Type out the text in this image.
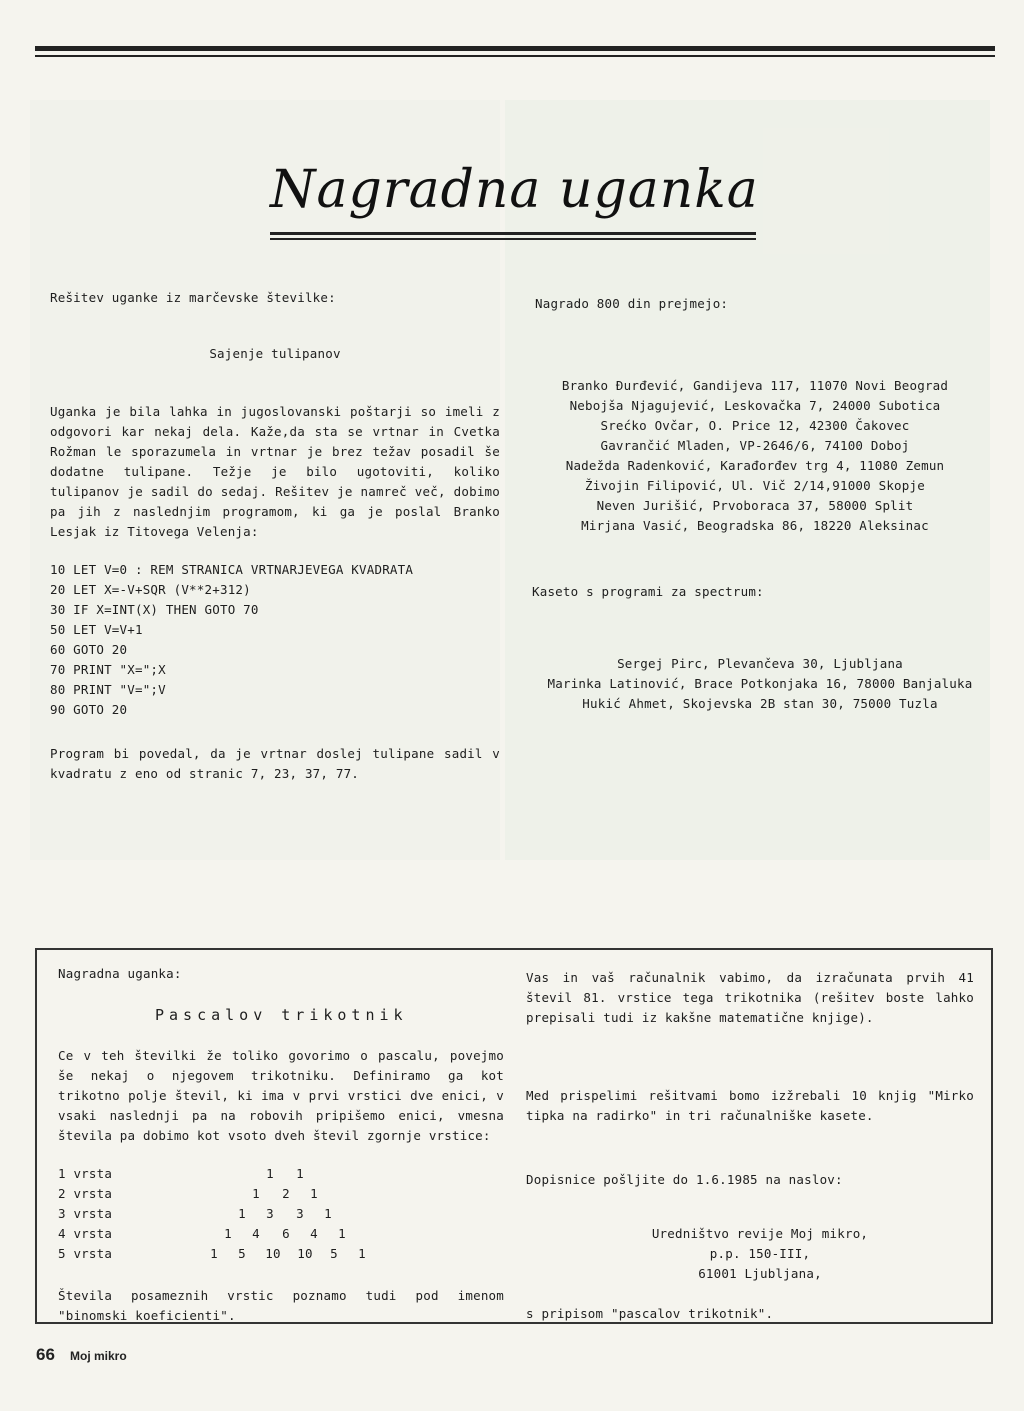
Nagradna uganka
Rešitev uganke iz marčevske številke:
Sajenje tulipanov
Uganka je bila lahka in jugoslovanski poštarji so imeli z odgovori kar nekaj dela. Kaže,da sta se vrtnar in Cvetka Rožman le sporazumela in vrtnar je brez težav posadil še dodatne tulipane. Težje je bilo ugotoviti, koliko tulipanov je sadil do sedaj. Rešitev je namreč več, dobimo pa jih z naslednjim programom, ki ga je poslal Branko Lesjak iz Titovega Velenja:
10 LET V=0 : REM STRANICA VRTNARJEVEGA KVADRATA
20 LET X=-V+SQR (V**2+312)
30 IF X=INT(X) THEN GOTO 70
50 LET V=V+1
60 GOTO 20
70 PRINT "X=";X
80 PRINT "V=";V
90 GOTO 20
Program bi povedal, da je vrtnar doslej tulipane sadil v kvadratu z eno od stranic 7, 23, 37, 77.
Nagrado 800 din prejmejo:
Branko Đurđević, Gandijeva 117, 11070 Novi Beograd
Nebojša Njagujević, Leskovačka 7, 24000 Subotica
Srećko Ovčar, O. Price 12, 42300 Čakovec
Gavrančić Mladen, VP-2646/6, 74100 Doboj
Nadežda Radenković, Karađorđev trg 4, 11080 Zemun
Živojin Filipović, Ul. Vič 2/14,91000 Skopje
Neven Jurišić, Prvoboraca 37, 58000 Split
Mirjana Vasić, Beogradska 86, 18220 Aleksinac
Kaseto s programi za spectrum:
Sergej Pirc, Plevančeva 30, Ljubljana
Marinka Latinović, Brace Potkonjaka 16, 78000 Banjaluka
Hukić Ahmet, Skojevska 2B stan 30, 75000 Tuzla
Nagradna uganka:
Pascalov trikotnik
Ce v teh številki že toliko govorimo o pascalu, povejmo še nekaj o njegovem trikotniku. Definiramo ga kot trikotno polje števil, ki ima v prvi vrstici dve enici, v vsaki naslednji pa na robovih pripišemo enici, vmesna števila pa dobimo kot vsoto dveh števil zgornje vrstice:
1 vrsta	1	1
2 vrsta	1	2	1
3 vrsta	1	3	3	1
4 vrsta	1	4	6	4	1
5 vrsta	1	5	10	10	5	1
Števila posameznih vrstic poznamo tudi pod imenom "binomski koeficienti".
Vas in vaš računalnik vabimo, da izračunata prvih 41 števil 81. vrstice tega trikotnika (rešitev boste lahko prepisali tudi iz kakšne matematične knjige).
Med prispelimi rešitvami bomo izžrebali 10 knjig "Mirko tipka na radirko" in tri računalniške kasete.
Dopisnice pošljite do 1.6.1985 na naslov:
Uredništvo revije Moj mikro,
p.p. 150-III,
61001 Ljubljana,
s pripisom "pascalov trikotnik".
66 Moj mikro
